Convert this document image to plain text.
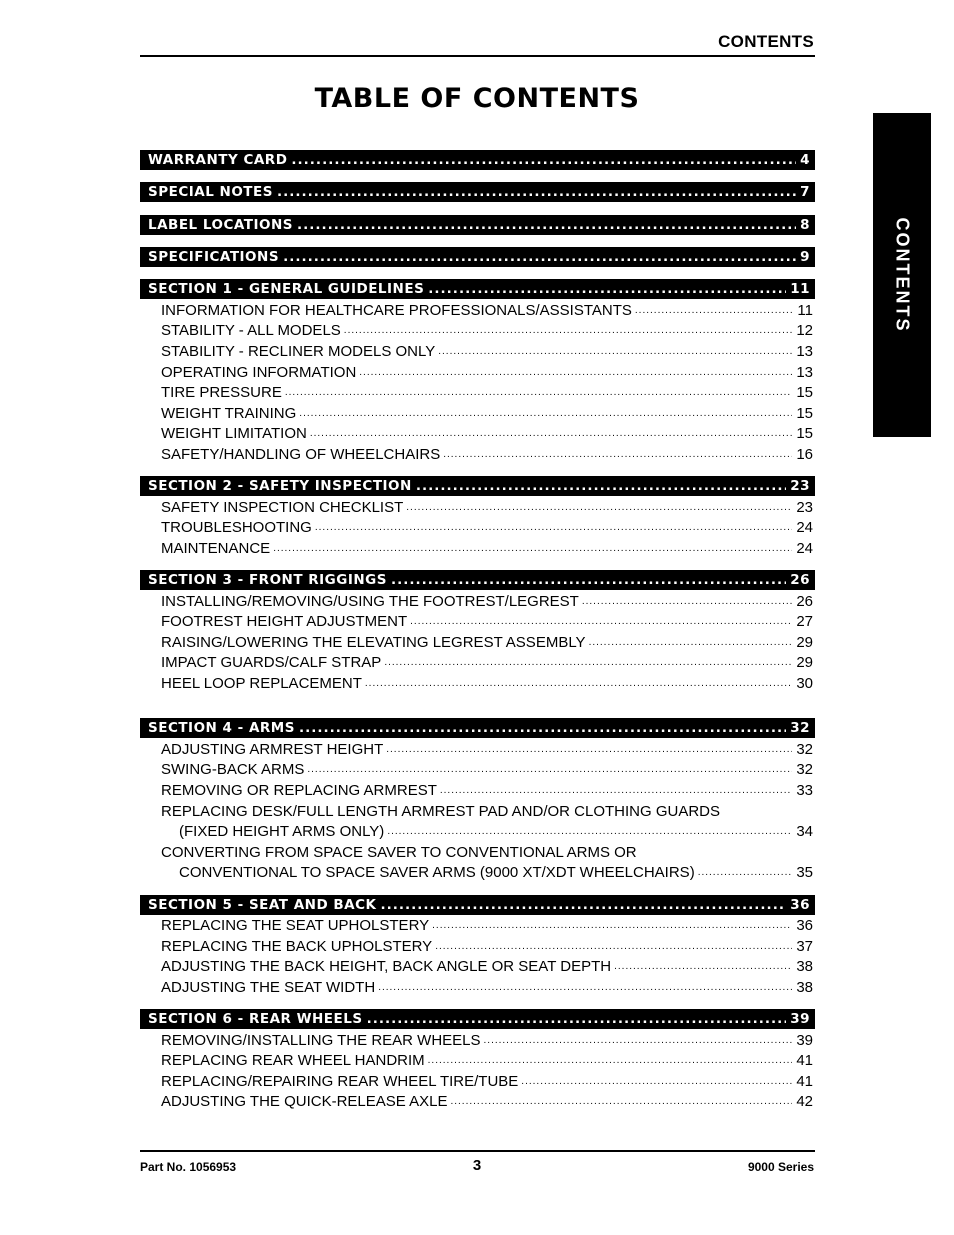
CONTENTS
TABLE OF CONTENTS
CONTENTS
WARRANTY CARD .....	4
SPECIAL NOTES .....	7
LABEL LOCATIONS .....	8
SPECIFICATIONS .....	9
SECTION 1 - GENERAL GUIDELINES .....	11
INFORMATION FOR HEALTHCARE PROFESSIONALS/ASSISTANTS .....	11
STABILITY - ALL MODELS .....	12
STABILITY - RECLINER MODELS ONLY .....	13
OPERATING INFORMATION .....	13
TIRE PRESSURE .....	15
WEIGHT TRAINING .....	15
WEIGHT LIMITATION .....	15
SAFETY/HANDLING OF WHEELCHAIRS .....	16
SECTION 2 - SAFETY INSPECTION .....	23
SAFETY INSPECTION CHECKLIST .....	23
TROUBLESHOOTING .....	24
MAINTENANCE .....	24
SECTION 3 - FRONT RIGGINGS .....	26
INSTALLING/REMOVING/USING THE FOOTREST/LEGREST .....	26
FOOTREST HEIGHT ADJUSTMENT .....	27
RAISING/LOWERING THE ELEVATING LEGREST ASSEMBLY .....	29
IMPACT GUARDS/CALF STRAP .....	29
HEEL LOOP REPLACEMENT .....	30
SECTION 4 - ARMS .....	32
ADJUSTING ARMREST HEIGHT .....	32
SWING-BACK ARMS .....	32
REMOVING OR REPLACING ARMREST .....	33
REPLACING DESK/FULL LENGTH ARMREST PAD AND/OR CLOTHING GUARDS
(FIXED HEIGHT ARMS ONLY) .....	34
CONVERTING FROM SPACE SAVER TO CONVENTIONAL ARMS OR
CONVENTIONAL TO SPACE SAVER ARMS (9000 XT/XDT WHEELCHAIRS) .....	35
SECTION 5 - SEAT AND BACK .....	36
REPLACING THE SEAT UPHOLSTERY .....	36
REPLACING THE BACK UPHOLSTERY .....	37
ADJUSTING THE BACK HEIGHT, BACK ANGLE OR SEAT DEPTH .....	38
ADJUSTING THE SEAT WIDTH .....	38
SECTION 6 - REAR WHEELS .....	39
REMOVING/INSTALLING THE REAR WHEELS .....	39
REPLACING REAR WHEEL HANDRIM .....	41
REPLACING/REPAIRING REAR WHEEL TIRE/TUBE .....	41
ADJUSTING THE QUICK-RELEASE AXLE .....	42
Part No. 1056953	3	9000 Series
